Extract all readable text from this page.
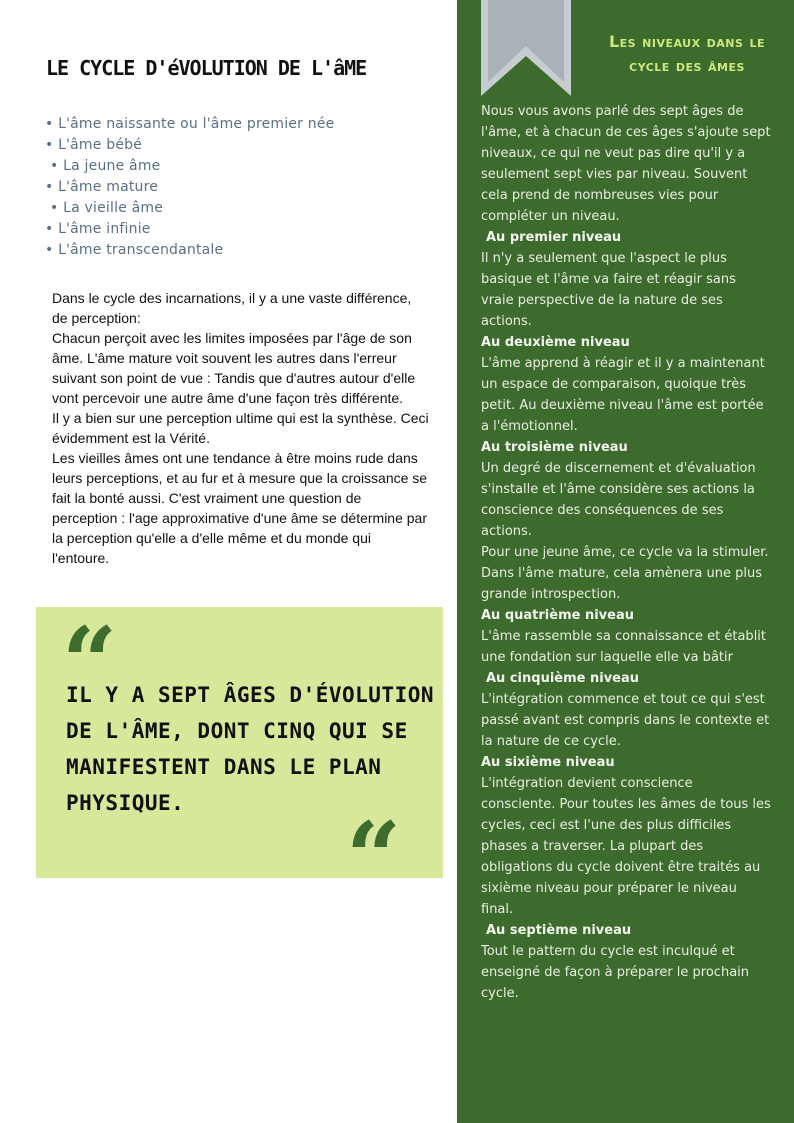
LE CYCLE D'éVOLUTION DE L'âME
• L'âme naissante ou l'âme premier née
• L'âme bébé
• La jeune âme
• L'âme mature
• La vieille âme
• L'âme infinie
• L'âme transcendantale

Dans le cycle des incarnations, il y a une vaste différence, de perception:

Chacun perçoit avec les limites imposées par l'âge de son âme. L'âme mature voit souvent les autres dans l'erreur suivant son point de vue : Tandis que d'autres autour d'elle vont percevoir une autre âme d'une façon très différente.

Il y a bien sur une perception ultime qui est la synthèse. Ceci évidemment est la Vérité.

Les vieilles âmes ont une tendance à être moins rude dans leurs perceptions, et au fur et à mesure que la croissance se fait la bonté aussi. C'est vraiment une question de perception : l'age approximative d'une âme se détermine par la perception qu'elle a d'elle même et du monde qui l'entoure.

“
IL Y A SEPT ÂGES D'ÉVOLUTION DE L'ÂME, DONT CINQ QUI SE MANIFESTENT DANS LE PLAN PHYSIQUE.	“
Les niveaux dans le cycle des âmes

Nous vous avons parlé des sept âges de l'âme, et à chacun de ces âges s'ajoute sept niveaux, ce qui ne veut pas dire qu'il y a seulement sept vies par niveau. Souvent cela prend de nombreuses vies pour compléter un niveau.

Au premier niveau

Il n'y a seulement que l'aspect le plus basique et l'âme va faire et réagir sans vraie perspective de la nature de ses actions.

Au deuxième niveau

L'âme apprend à réagir et il y a maintenant un espace de comparaison, quoique très petit. Au deuxième niveau l'âme est portée a l'émotionnel.

Au troisième niveau

Un degré de discernement et d'évaluation s'installe et l'âme considère ses actions la conscience des conséquences de ses actions.

Pour une jeune âme, ce cycle va la stimuler. Dans l'âme mature, cela amènera une plus grande introspection.

Au quatrième niveau

L'âme rassemble sa connaissance et établit une fondation sur laquelle elle va bâtir

Au cinquième niveau

L'intégration commence et tout ce qui s'est passé avant est compris dans le contexte et la nature de ce cycle.

Au sixième niveau

L'intégration devient conscience consciente. Pour toutes les âmes de tous les cycles, ceci est l'une des plus difficiles phases a traverser. La plupart des obligations du cycle doivent être traités au sixième niveau pour préparer le niveau final.

Au septième niveau

Tout le pattern du cycle est inculqué et enseigné de façon à préparer le prochain cycle.
